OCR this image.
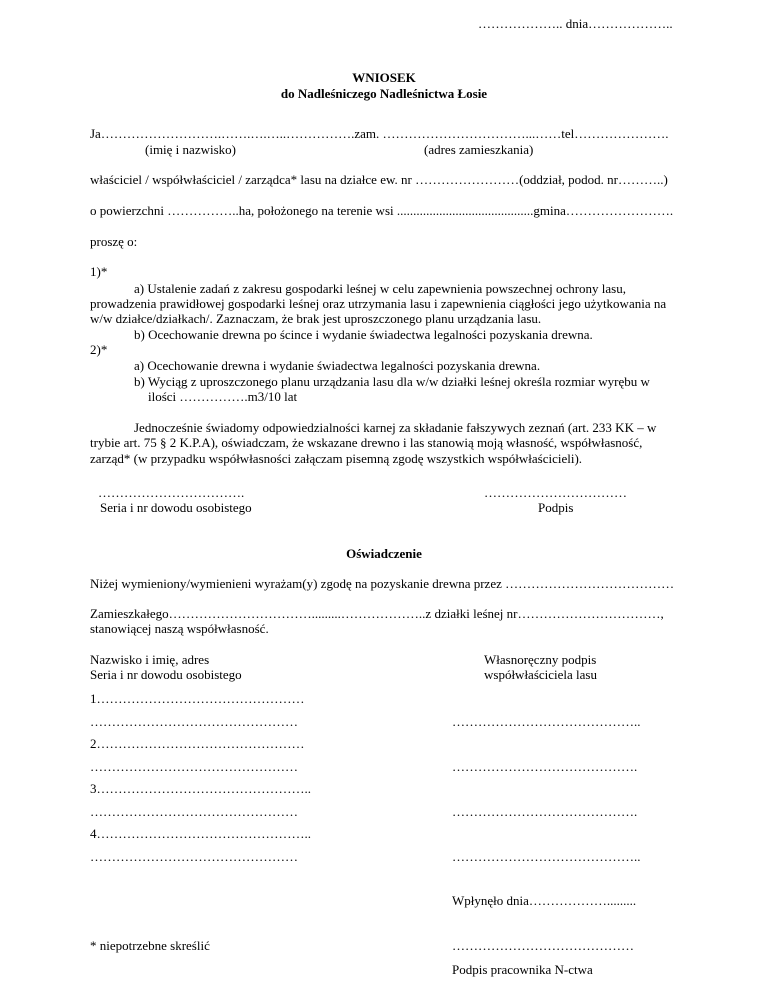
……………….. dnia………………..
WNIOSEK
do Nadleśniczego Nadleśnictwa Łosie
Ja……………………….…….….…..…………….zam. ……………………………...……tel………………….
(imię i nazwisko)	(adres zamieszkania)
właściciel / współwłaściciel / zarządca* lasu na działce ew. nr ……………………(oddział, podod. nr………..)
o powierzchni ……………..ha, położonego na terenie wsi ..........................................gmina…………………….
proszę o:
1)*
a) Ustalenie zadań z zakresu gospodarki leśnej w celu zapewnienia powszechnej ochrony lasu,
prowadzenia prawidłowej gospodarki leśnej oraz utrzymania lasu i zapewnienia ciągłości jego użytkowania na
w/w działce/działkach/. Zaznaczam, że brak jest uproszczonego planu urządzania lasu.
b) Ocechowanie drewna po ścince i wydanie świadectwa legalności pozyskania drewna.
2)*
a) Ocechowanie drewna i wydanie świadectwa legalności pozyskania drewna.
b) Wyciąg z uproszczonego planu urządzania lasu dla w/w działki leśnej określa rozmiar wyrębu w
ilości …………….m3/10 lat
Jednocześnie świadomy odpowiedzialności karnej za składanie fałszywych zeznań (art. 233 KK – w
trybie art. 75 § 2 K.P.A), oświadczam, że wskazane drewno i las stanowią moją własność, współwłasność,
zarząd* (w przypadku współwłasności załączam pisemną zgodę wszystkich współwłaścicieli).
…………………………….
Seria i nr dowodu osobistego
……………………………
Podpis
Oświadczenie
Niżej wymieniony/wymienieni wyrażam(y) zgodę na pozyskanie drewna przez …………………………………
Zamieszkałego…………………………….........………………..z działki leśnej nr……………………………,
stanowiącej naszą współwłasność.
Nazwisko i imię, adres
Seria i nr dowodu osobistego
Własnoręczny podpis
współwłaściciela lasu
1…………………………………………
…………………………………………	……………………………………..
2…………………………………………
…………………………………………	…………………………………….
3…………………………………………..
…………………………………………	…………………………………….
4…………………………………………..
…………………………………………	……………………………………..
Wpłynęło dnia……………….........
* niepotrzebne skreślić	……………………………………
Podpis pracownika N-ctwa
